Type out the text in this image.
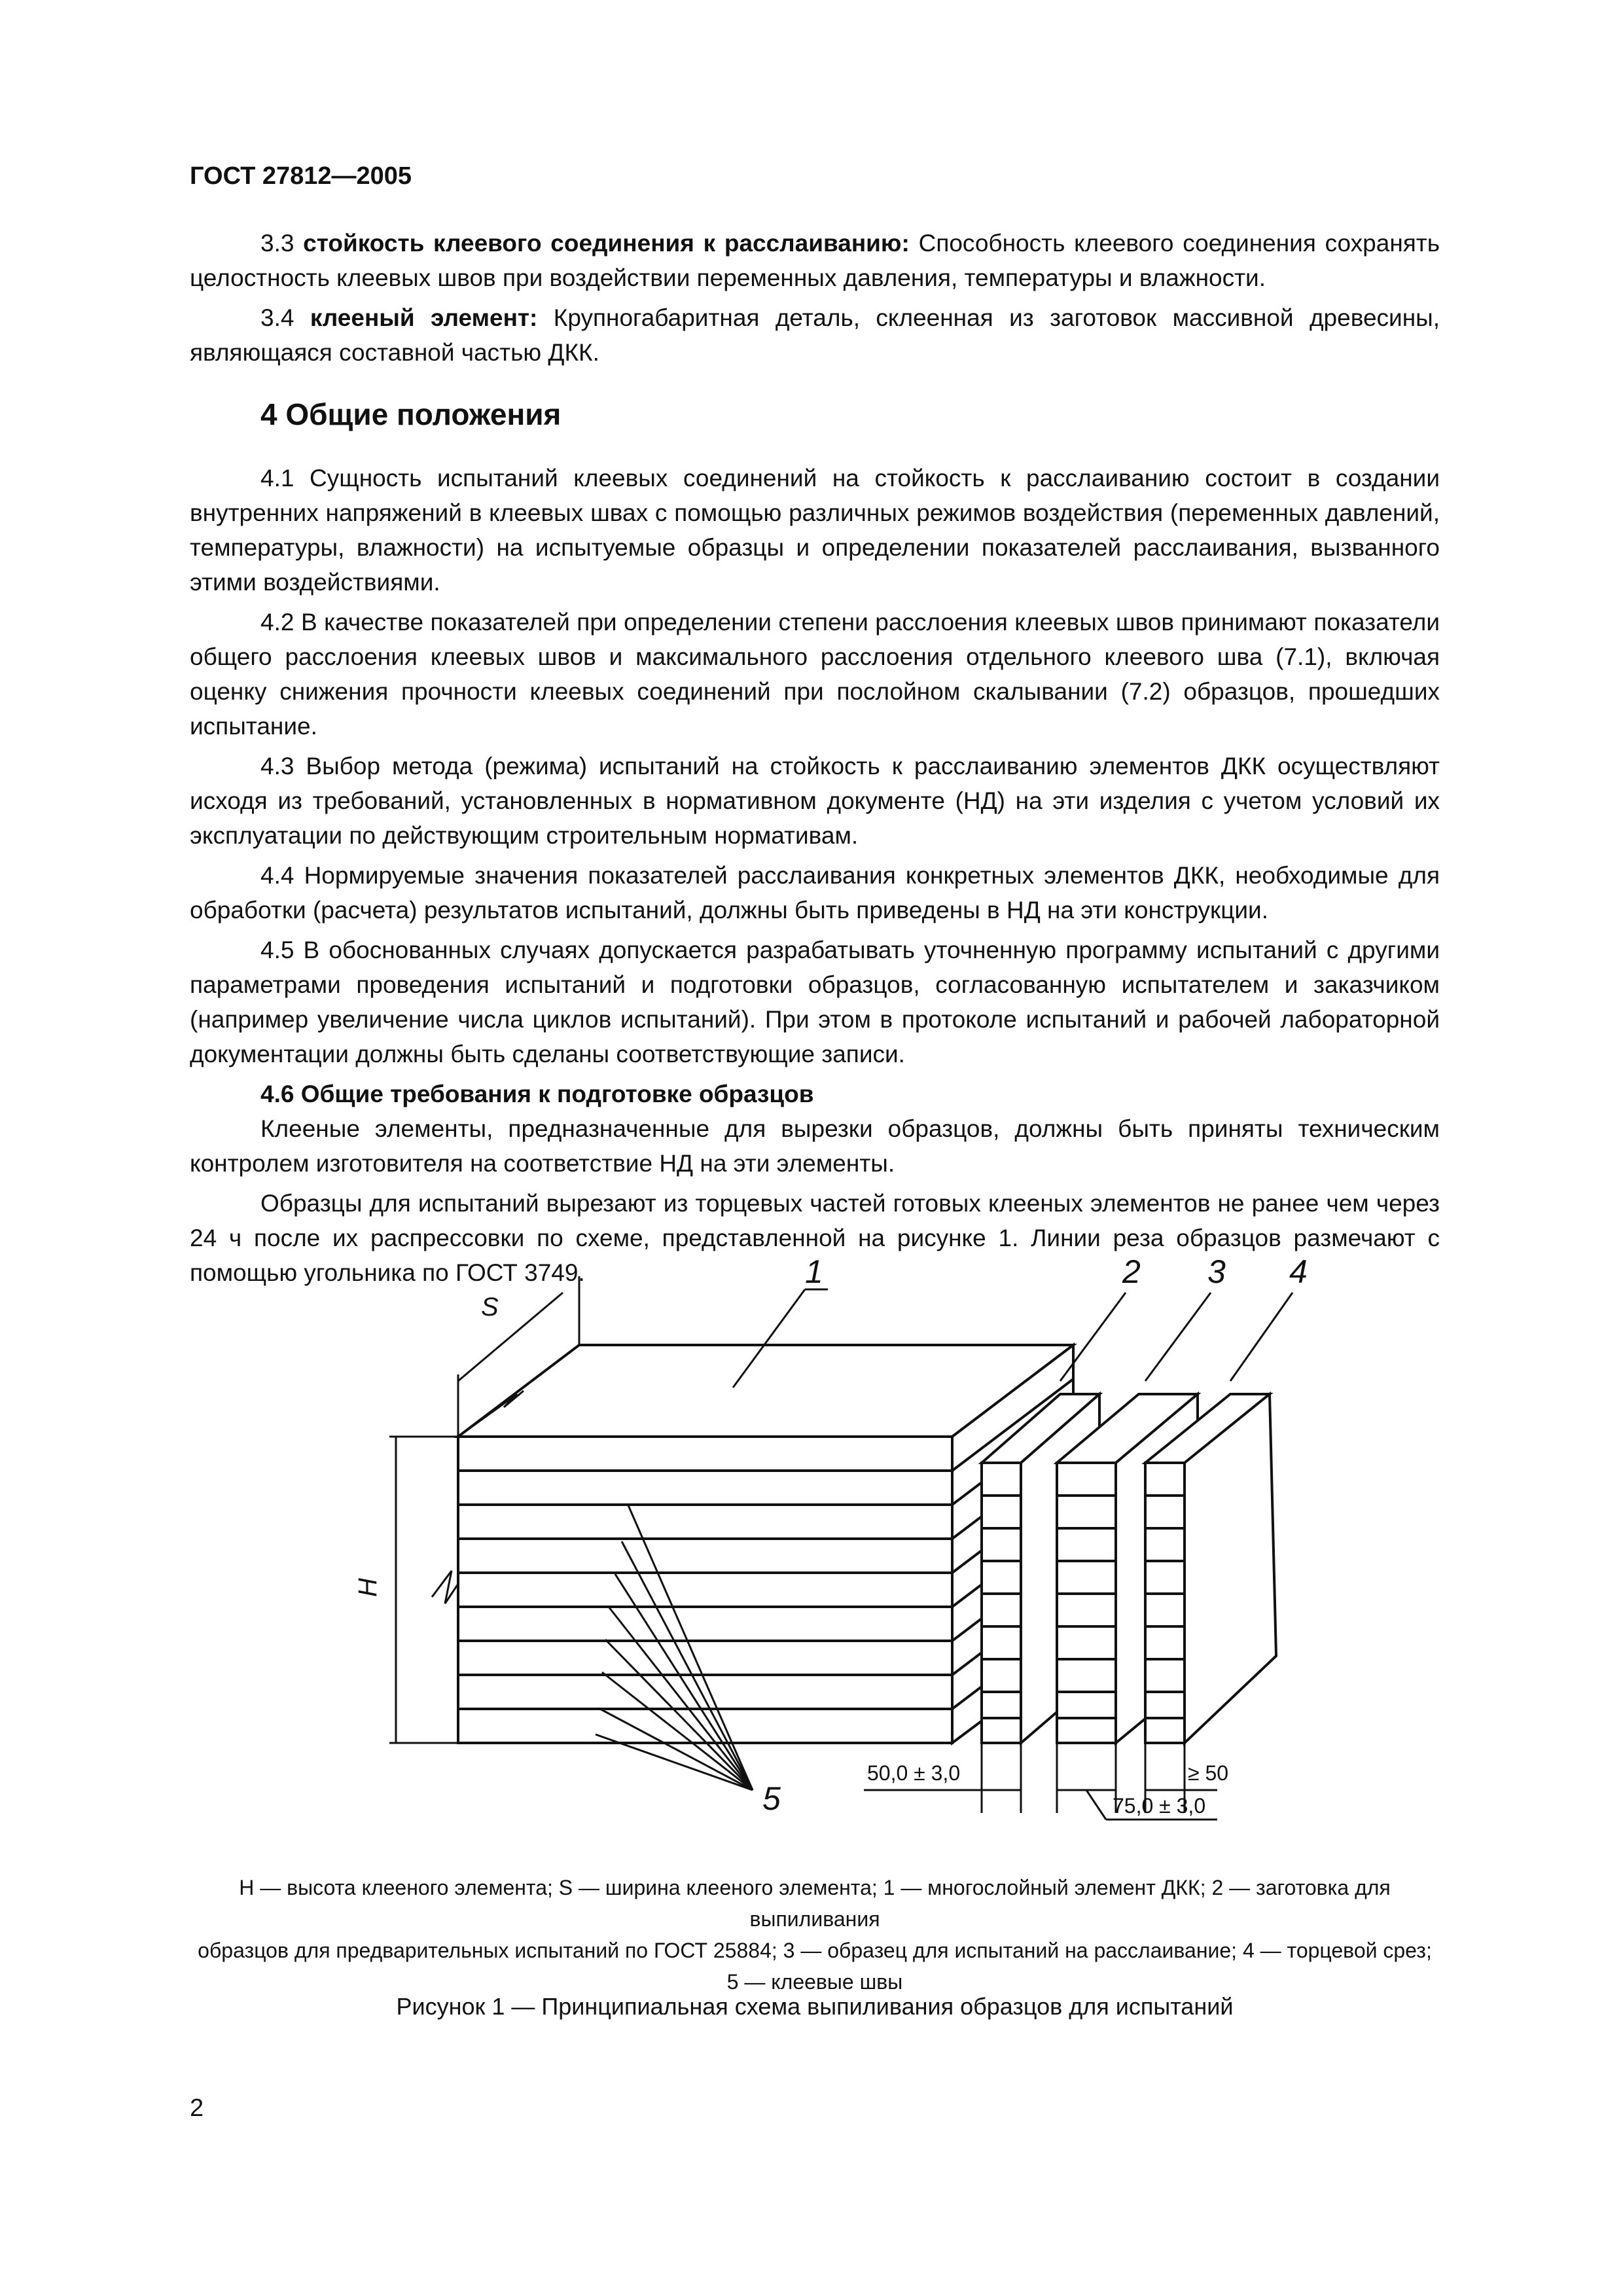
ГОСТ 27812—2005

3.3 стойкость клеевого соединения к расслаиванию: Способность клеевого соединения сохранять целостность клеевых швов при воздействии переменных давления, температуры и влажности.

3.4 клееный элемент: Крупногабаритная деталь, склеенная из заготовок массивной древесины, являющаяся составной частью ДКК.

4 Общие положения

4.1 Сущность испытаний клеевых соединений на стойкость к расслаиванию состоит в создании внутренних напряжений в клеевых швах с помощью различных режимов воздействия (переменных давлений, температуры, влажности) на испытуемые образцы и определении показателей расслаивания, вызванного этими воздействиями.

4.2 В качестве показателей при определении степени расслоения клеевых швов принимают показатели общего расслоения клеевых швов и максимального расслоения отдельного клеевого шва (7.1), включая оценку снижения прочности клеевых соединений при послойном скалывании (7.2) образцов, прошедших испытание.

4.3 Выбор метода (режима) испытаний на стойкость к расслаиванию элементов ДКК осуществляют исходя из требований, установленных в нормативном документе (НД) на эти изделия с учетом условий их эксплуатации по действующим строительным нормативам.

4.4 Нормируемые значения показателей расслаивания конкретных элементов ДКК, необходимые для обработки (расчета) результатов испытаний, должны быть приведены в НД на эти конструкции.

4.5 В обоснованных случаях допускается разрабатывать уточненную программу испытаний с другими параметрами проведения испытаний и подготовки образцов, согласованную испытателем и заказчиком (например увеличение числа циклов испытаний). При этом в протоколе испытаний и рабочей лабораторной документации должны быть сделаны соответствующие записи.

4.6 Общие требования к подготовке образцов

Клееные элементы, предназначенные для вырезки образцов, должны быть приняты техническим контролем изготовителя на соответствие НД на эти элементы.

Образцы для испытаний вырезают из торцевых частей готовых клееных элементов не ранее чем через 24 ч после их распрессовки по схеме, представленной на рисунке 1. Линии реза образцов размечают с помощью угольника по ГОСТ 3749.

S
H
1	2 3 4
5
50,0 ± 3,0
75,0 ± 3,0
≥ 50
H — высота клееного элемента; S — ширина клееного элемента; 1 — многослойный элемент ДКК; 2 — заготовка для выпиливания
образцов для предварительных испытаний по ГОСТ 25884; 3 — образец для испытаний на расслаивание; 4 — торцевой срез;
5 — клеевые швы
Рисунок 1 — Принципиальная схема выпиливания образцов для испытаний
2
